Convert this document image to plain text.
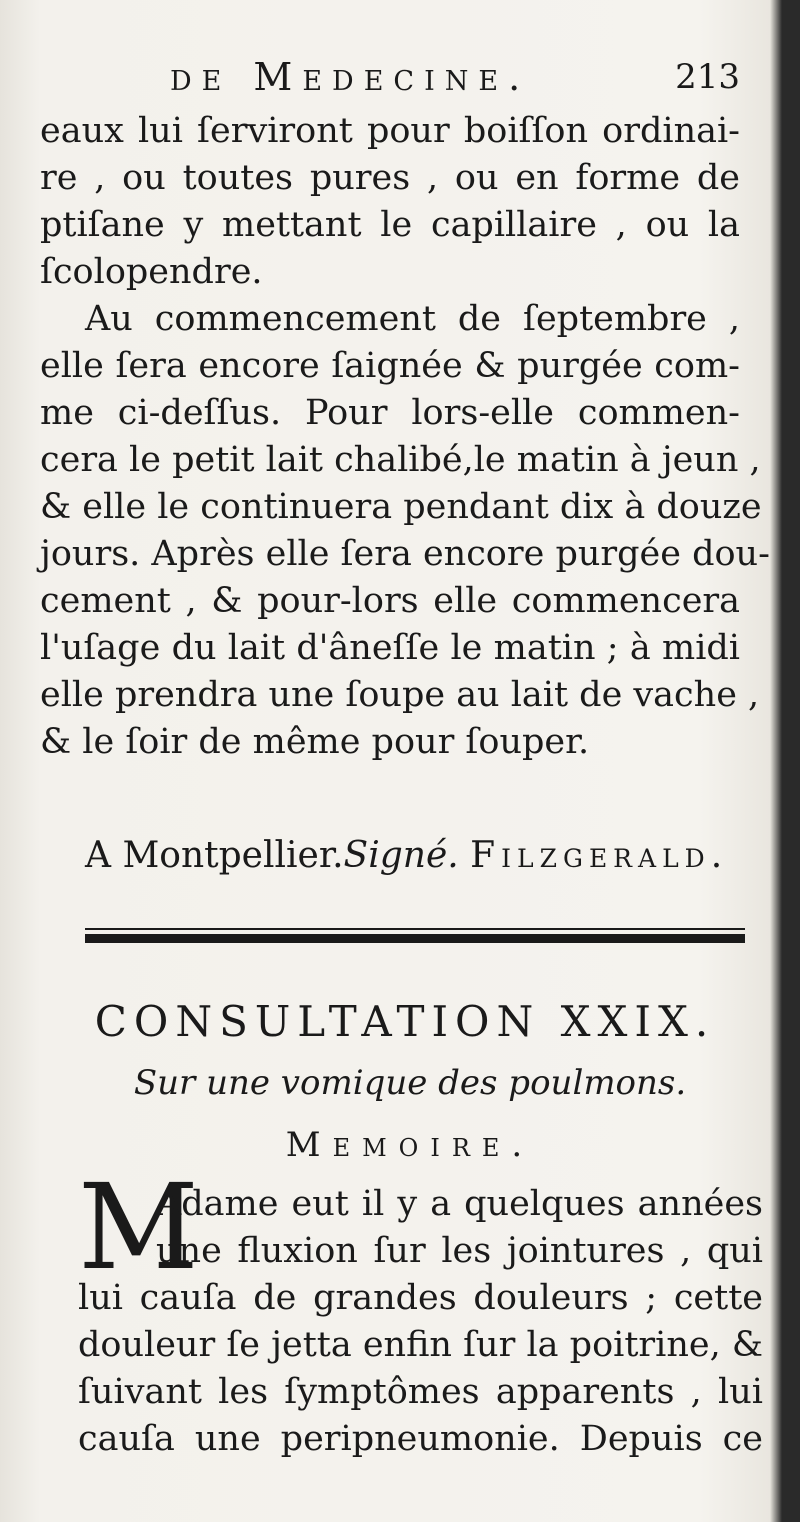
de Medecine.	213
eaux lui ſerviront pour boiſſon ordinai-
re , ou toutes pures , ou en forme de
ptiſane y mettant le capillaire , ou la
ſcolopendre.
Au commencement de ſeptembre ,
elle ſera encore ſaignée & purgée com-
me ci-deſſus. Pour lors-elle commen-
cera le petit lait chalibé,le matin à jeun ,
& elle le continuera pendant dix à douze
jours. Après elle ſera encore purgée dou-
cement , & pour-lors elle commencera
l'uſage du lait d'âneſſe le matin ; à midi
elle prendra une ſoupe au lait de vache ,
& le ſoir de même pour ſouper.
A Montpellier.Signé. Filzgerald.
CONSULTATION XXIX.
Sur une vomique des poulmons.
Memoire.
M
Adame eut il y a quelques années
une fluxion ſur les jointures , qui
lui cauſa de grandes douleurs ; cette
douleur ſe jetta enfin ſur la poitrine, &
ſuivant les ſymptômes apparents , lui
cauſa une peripneumonie. Depuis ce
